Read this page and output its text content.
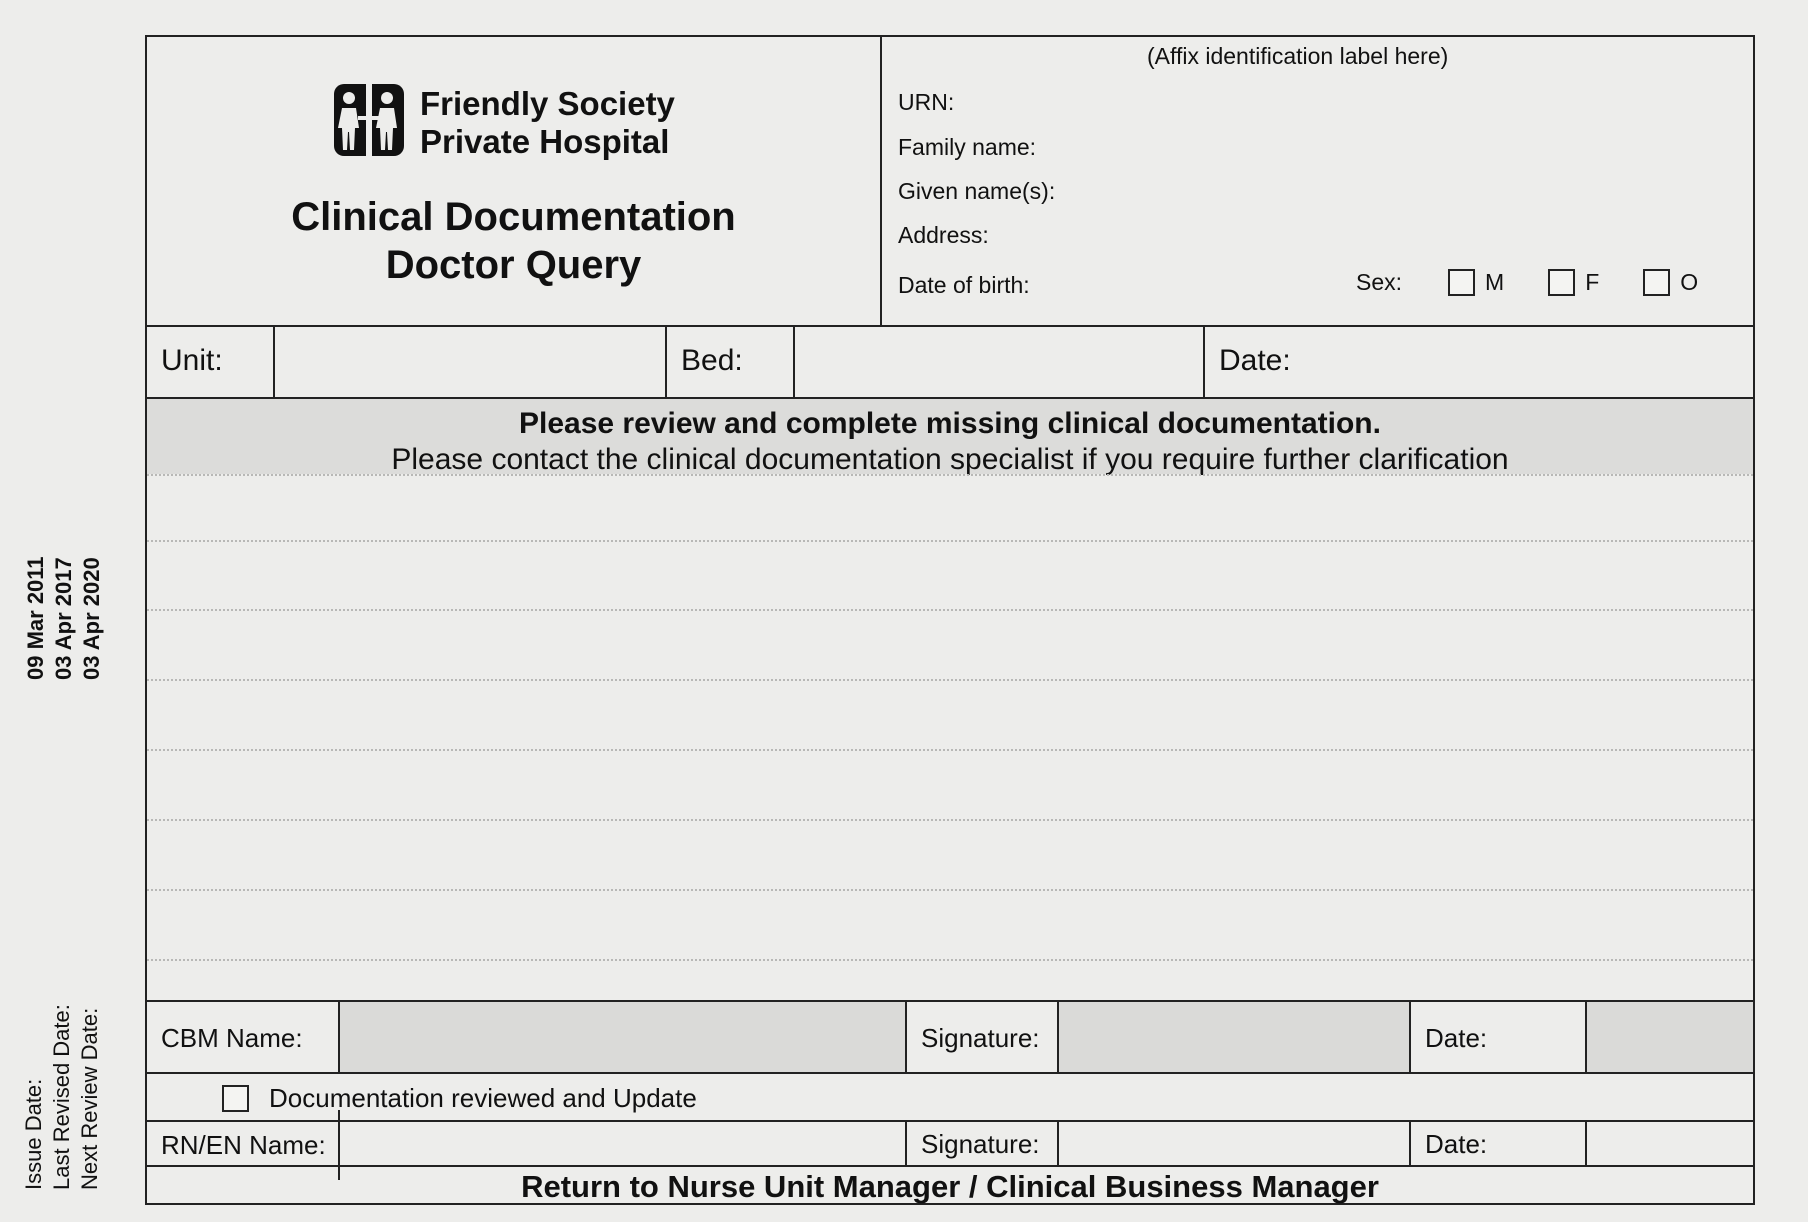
Issue Date: Last Revised Date: Next Review Date:
09 Mar 2011 03 Apr 2017 03 Apr 2020
Friendly Society
Private Hospital
Clinical Documentation
Doctor Query
(Affix identification label here)
URN:
Family name:
Given name(s):
Address:
Date of birth:	Sex:	M	F	O
Unit:	Bed:	Date:
Please review and complete missing clinical documentation.
Please contact the clinical documentation specialist if you require further clarification
CBM Name:	Signature:	Date:
Documentation reviewed and Update
RN/EN Name:	Signature:	Date:
Return to Nurse Unit Manager / Clinical Business Manager
